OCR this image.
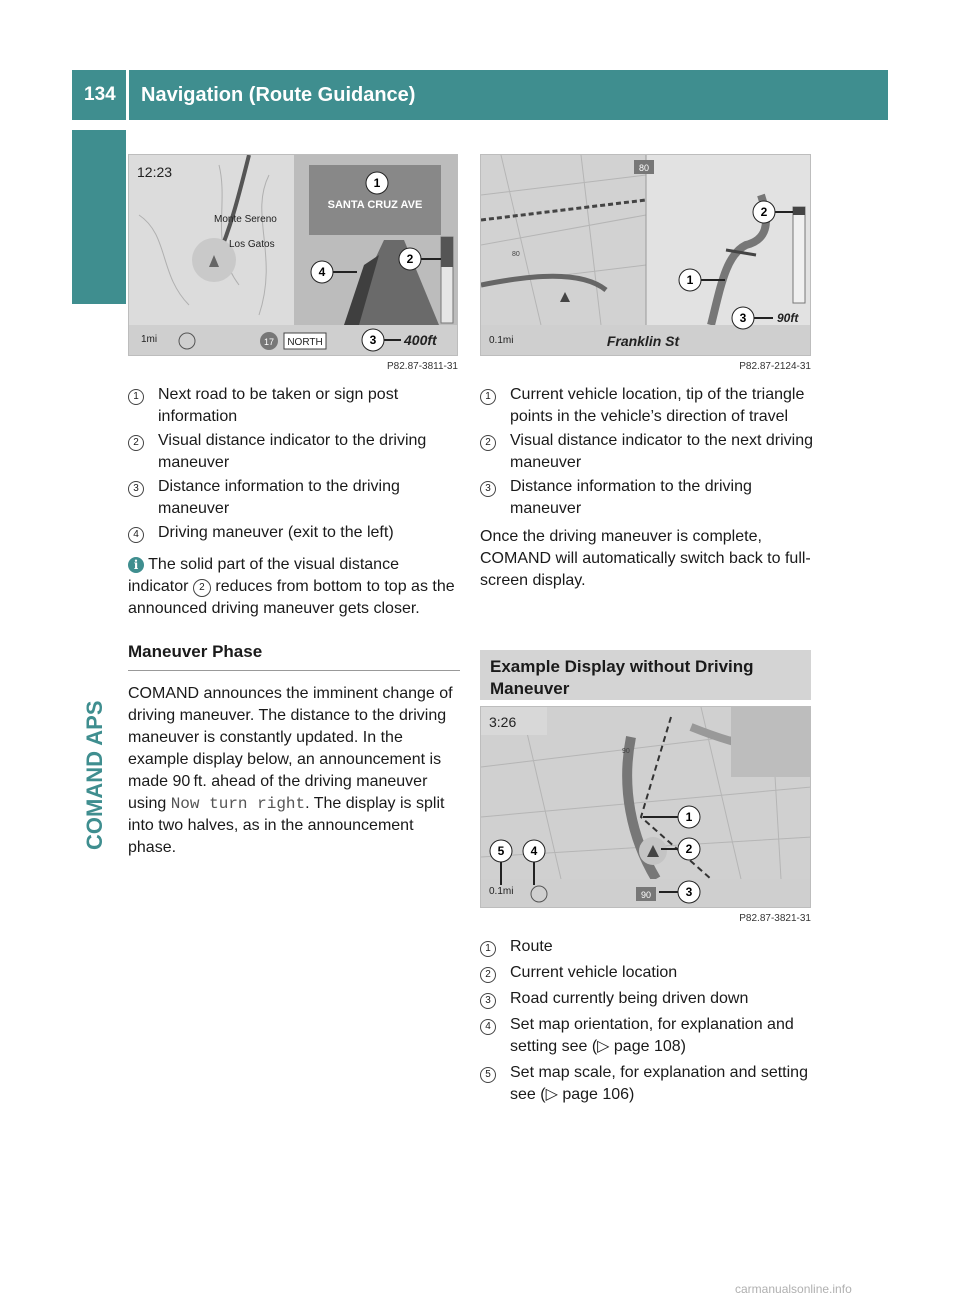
134	Navigation (Route Guidance)
COMAND APS
12:23
Monte Sereno
Los Gatos
SANTA CRUZ AVE
1mi	17 NORTH	400ft
1
2
3
4
P82.87-3811-31
80
80
0.1mi	Franklin St
90ft
2
1
3
P82.87-2124-31
1	Next road to be taken or sign post information
2	Visual distance indicator to the driving maneuver
3	Distance information to the driving maneuver
4	Driving maneuver (exit to the left)
i The solid part of the visual distance indicator 2 reduces from bottom to top as the announced driving maneuver gets closer.
Maneuver Phase
COMAND announces the imminent change of driving maneuver. The distance to the driving maneuver is constantly updated. In the example display below, an announcement is made 90 ft. ahead of the driving maneuver using Now turn right. The display is split into two halves, as in the announcement phase.
1	Current vehicle location, tip of the triangle points in the vehicle’s direction of travel
2	Visual distance indicator to the next driving maneuver
3	Distance information to the driving maneuver
Once the driving maneuver is complete, COMAND will automatically switch back to full-screen display.
Example Display without Driving Maneuver
3:26
0.1mi	90
90
1
2
3
4
5
P82.87-3821-31
1	Route
2	Current vehicle location
3	Road currently being driven down
4	Set map orientation, for explanation and setting see (▷ page 108)
5	Set map scale, for explanation and setting see (▷ page 106)
carmanualsonline.info
